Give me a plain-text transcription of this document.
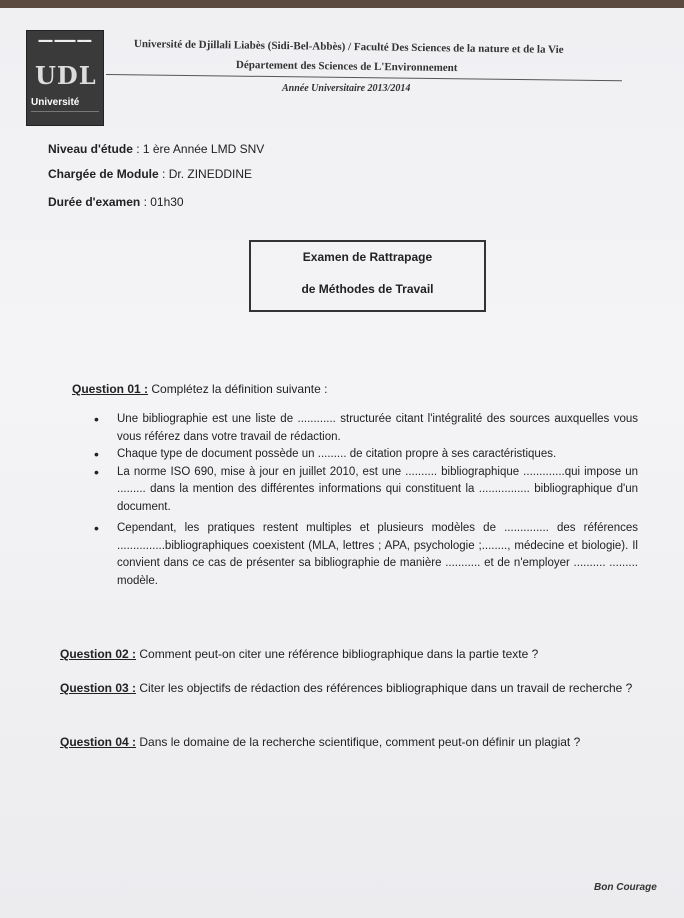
▬▬ ▬▬▬ ▬▬
UDL
Université
Université de Djillali Liabès (Sidi-Bel-Abbès) / Faculté Des Sciences de la nature et de la Vie
Département des Sciences de L'Environnement
Année Universitaire 2013/2014
Niveau d'étude : 1 ère Année LMD SNV
Chargée de Module : Dr. ZINEDDINE
Durée d'examen : 01h30
Examen de Rattrapage
de Méthodes de Travail
Question 01 : Complétez la définition suivante :
• Une bibliographie est une liste de ............ structurée citant l'intégralité des sources auxquelles vous vous référez dans votre travail de rédaction.
• Chaque type de document possède un ......... de citation propre à ses caractéristiques.
• La norme ISO 690, mise à jour en juillet 2010, est une .......... bibliographique .............qui impose un ......... dans la mention des différentes informations qui constituent la ................ bibliographique d'un document.
• Cependant, les pratiques restent multiples et plusieurs modèles de .............. des références ...............bibliographiques coexistent (MLA, lettres ; APA, psychologie ;........, médecine et biologie). Il convient dans ce cas de présenter sa bibliographie de manière ........... et de n'employer .......... ......... modèle.
Question 02 : Comment peut-on citer une référence bibliographique dans la partie texte ?
Question 03 : Citer les objectifs de rédaction des références bibliographique dans un travail de recherche ?
Question 04 : Dans le domaine de la recherche scientifique, comment peut-on définir un plagiat ?
Bon Courage
